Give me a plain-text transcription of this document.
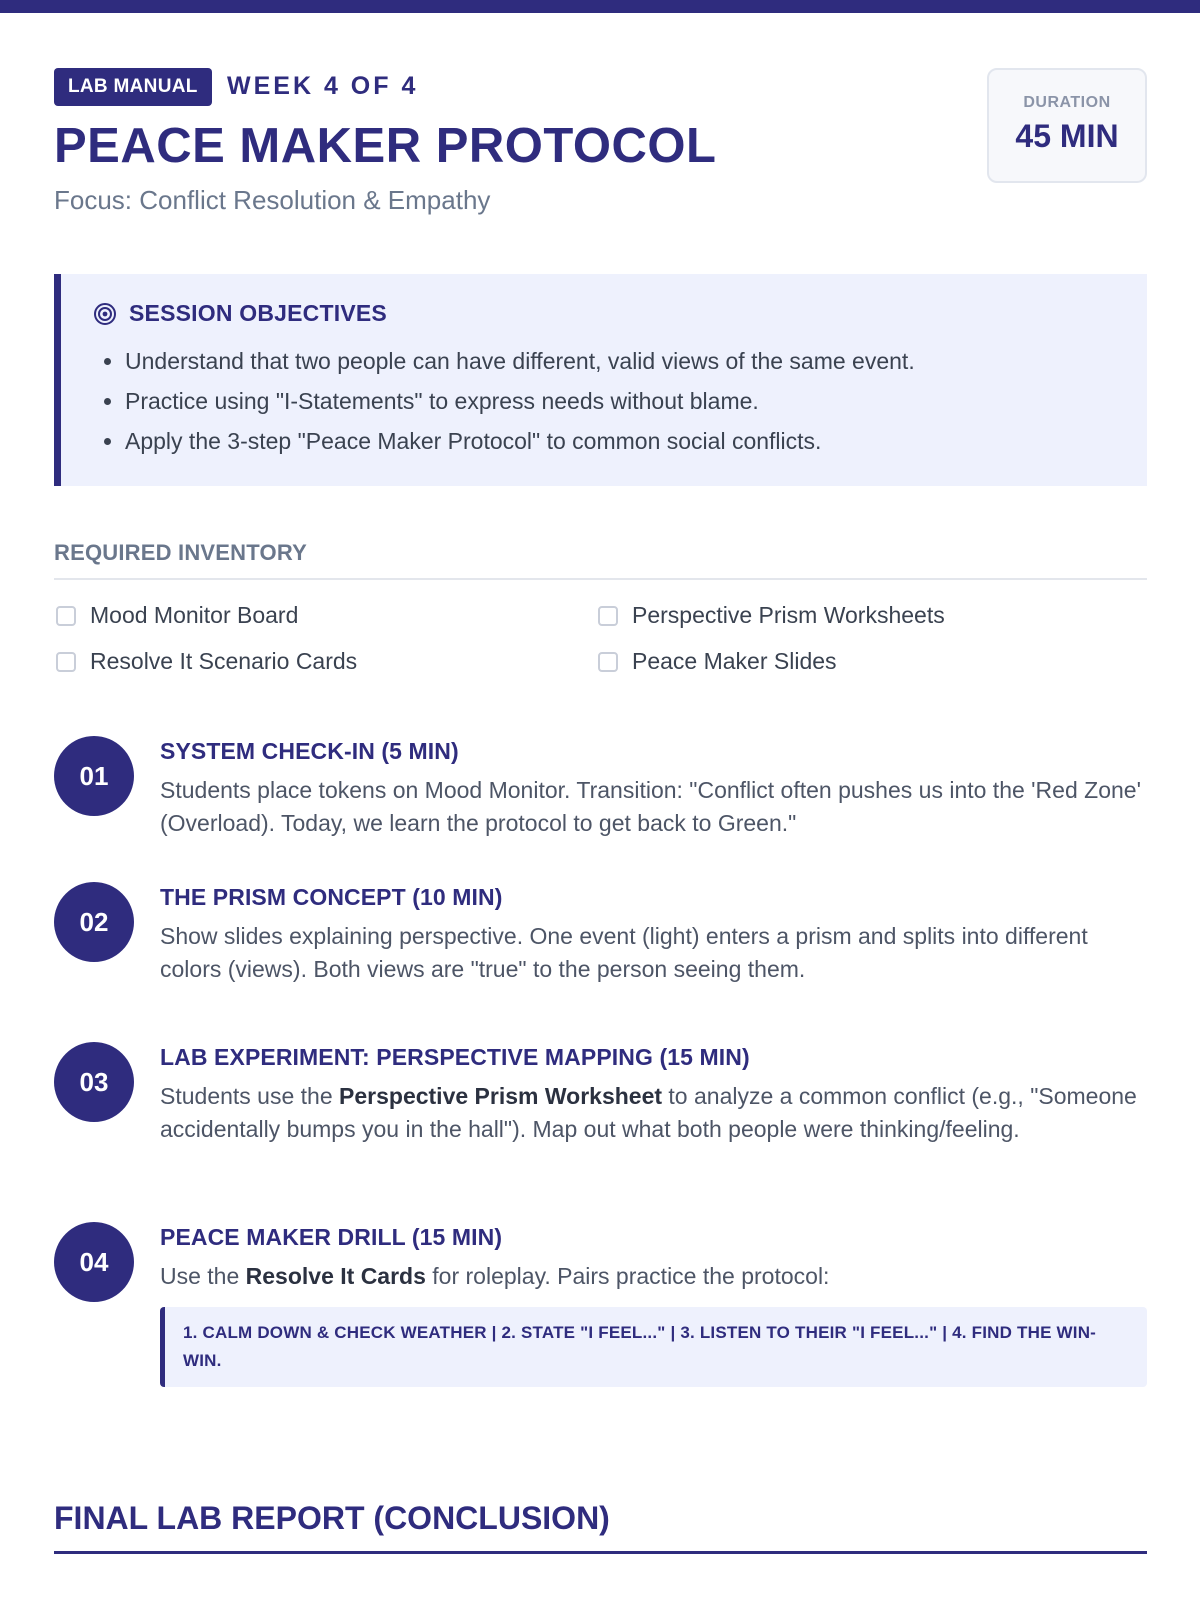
LAB MANUAL	WEEK 4 OF 4
PEACE MAKER PROTOCOL
Focus: Conflict Resolution & Empathy
DURATION
45 MIN
SESSION OBJECTIVES
• Understand that two people can have different, valid views of the same event.
• Practice using "I-Statements" to express needs without blame.
• Apply the 3-step "Peace Maker Protocol" to common social conflicts.
REQUIRED INVENTORY
Mood Monitor Board	Perspective Prism Worksheets
Resolve It Scenario Cards	Peace Maker Slides
01
SYSTEM CHECK-IN (5 MIN)
Students place tokens on Mood Monitor. Transition: "Conflict often pushes us into the 'Red Zone' (Overload). Today, we learn the protocol to get back to Green."
02
THE PRISM CONCEPT (10 MIN)
Show slides explaining perspective. One event (light) enters a prism and splits into different colors (views). Both views are "true" to the person seeing them.
03
LAB EXPERIMENT: PERSPECTIVE MAPPING (15 MIN)
Students use the Perspective Prism Worksheet to analyze a common conflict (e.g., "Someone accidentally bumps you in the hall"). Map out what both people were thinking/feeling.
04
PEACE MAKER DRILL (15 MIN)
Use the Resolve It Cards for roleplay. Pairs practice the protocol:
1. CALM DOWN & CHECK WEATHER | 2. STATE "I FEEL..." | 3. LISTEN TO THEIR "I FEEL..." | 4. FIND THE WIN-WIN.
FINAL LAB REPORT (CONCLUSION)
